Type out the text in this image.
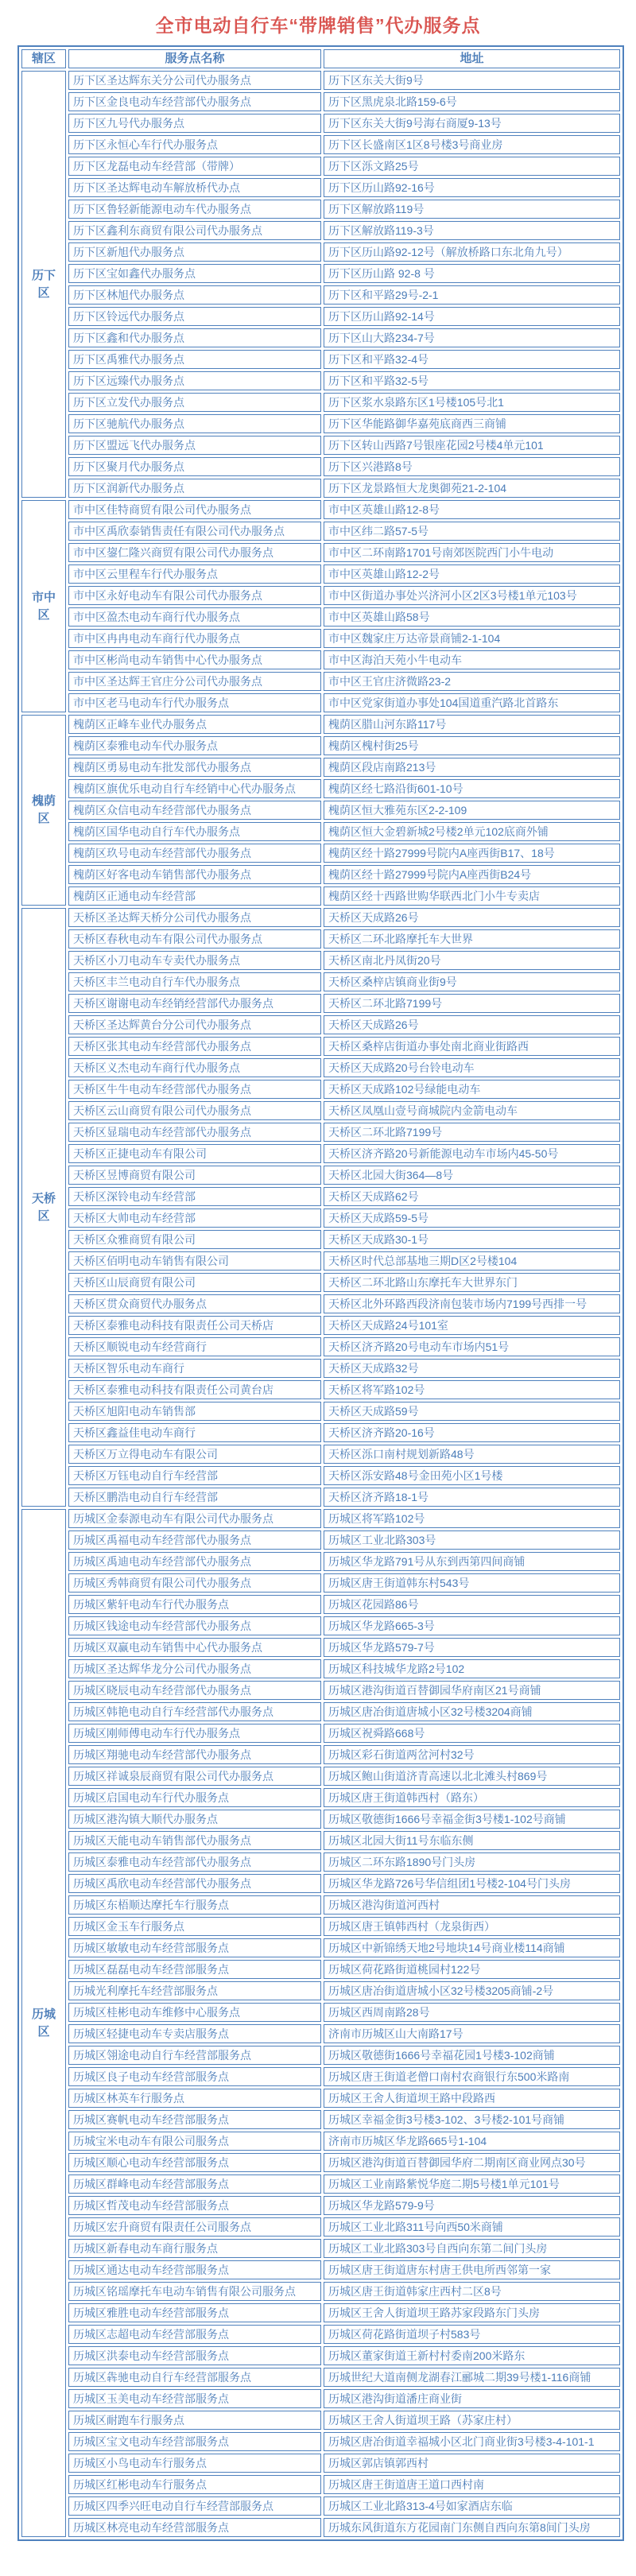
全市电动自行车“带牌销售”代办服务点
辖区	服务点名称	地址
历下区	历下区圣达辉东关分公司代办服务点	历下区东关大街9号
	历下区金良电动车经营部代办服务点	历下区黑虎泉北路159-6号
	历下区九号代办服务点	历下区东关大街9号海右商厦9-13号
	历下区永恒心车行代办服务点	历下区长盛南区1区8号楼3号商业房
	历下区龙磊电动车经营部（带牌）	历下区泺文路25号
	历下区圣达辉电动车解放桥代办点	历下区历山路92-16号
	历下区鲁轻新能源电动车代办服务点	历下区解放路119号
	历下区鑫利东商贸有限公司代办服务点	历下区解放路119-3号
	历下区新旭代办服务点	历下区历山路92-12号（解放桥路口东北角九号）
	历下区宝如鑫代办服务点	历下区历山路 92-8 号
	历下区林旭代办服务点	历下区和平路29号-2-1
	历下区铃远代办服务点	历下区历山路92-14号
	历下区鑫和代办服务点	历下区山大路234-7号
	历下区禹雅代办服务点	历下区和平路32-4号
	历下区远臻代办服务点	历下区和平路32-5号
	历下区立发代办服务点	历下区浆水泉路东区1号楼105号北1
	历下区驰航代办服务点	历下区华能路御华嘉苑底商西三商铺
	历下区盟远飞代办服务点	历下区转山西路7号银座花园2号楼4单元101
	历下区聚月代办服务点	历下区兴港路8号
	历下区润新代办服务点	历下区龙景路恒大龙奥御苑21-2-104
市中区	市中区佳特商贸有限公司代办服务点	市中区英雄山路12-8号
	市中区禹欣泰销售责任有限公司代办服务点	市中区纬二路57-5号
	市中区鋆仁隆兴商贸有限公司代办服务点	市中区二环南路1701号南郊医院西门小牛电动
	市中区云里程车行代办服务点	市中区英雄山路12-2号
	市中区永好电动车有限公司代办服务点	市中区街道办事处兴济河小区2区3号楼1单元103号
	市中区盈杰电动车商行代办服务点	市中区英雄山路58号
	市中区冉冉电动车商行代办服务点	市中区魏家庄万达帝景商铺2-1-104
	市中区彬尚电动车销售中心代办服务点	市中区海泊天苑小牛电动车
	市中区圣达辉王官庄分公司代办服务点	市中区王官庄济微路23-2
	市中区老马电动车行代办服务点	市中区党家街道办事处104国道重汽路北首路东
槐荫区	槐荫区正峰车业代办服务点	槐荫区腊山河东路117号
	槐荫区泰雅电动车代办服务点	槐荫区槐村街25号
	槐荫区勇易电动车批发部代办服务点	槐荫区段店南路213号
	槐荫区旗优乐电动自行车经销中心代办服务点	槐荫区经七路沿街601-10号
	槐荫区众信电动车经营部代办服务点	槐荫区恒大雅苑东区2-2-109
	槐荫区国华电动自行车代办服务点	槐荫区恒大金碧新城2号楼2单元102底商外铺
	槐荫区玖号电动车经营部代办服务点	槐荫区经十路27999号院内A座西街B17、18号
	槐荫区好客电动车销售部代办服务点	槐荫区经十路27999号院内A座西街B24号
	槐荫区正通电动车经营部	槐荫区经十西路世购华联西北门小牛专卖店
天桥区	天桥区圣达辉天桥分公司代办服务点	天桥区天成路26号
	天桥区春秋电动车有限公司代办服务点	天桥区二环北路摩托车大世界
	天桥区小刀电动车专卖代办服务点	天桥区南北丹凤街20号
	天桥区丰兰电动自行车代办服务点	天桥区桑梓店镇商业街9号
	天桥区谢谢电动车经销经营部代办服务点	天桥区二环北路7199号
	天桥区圣达辉黄台分公司代办服务点	天桥区天成路26号
	天桥区张其电动车经营部代办服务点	天桥区桑梓店街道办事处南北商业街路西
	天桥区义杰电动车商行代办服务点	天桥区天成路20号台铃电动车
	天桥区牛牛电动车经营部代办服务点	天桥区天成路102号绿能电动车
	天桥区云山商贸有限公司代办服务点	天桥区凤凰山壹号商城院内金箭电动车
	天桥区显瑞电动车经营部代办服务点	天桥区二环北路7199号
	天桥区正捷电动车有限公司	天桥区济齐路20号新能源电动车市场内45-50号
	天桥区昱博商贸有限公司	天桥区北园大街364—8号
	天桥区深铃电动车经营部	天桥区天成路62号
	天桥区大帅电动车经营部	天桥区天成路59-5号
	天桥区众雅商贸有限公司	天桥区天成路30-1号
	天桥区佰明电动车销售有限公司	天桥区时代总部基地三期D区2号楼104
	天桥区山辰商贸有限公司	天桥区二环北路山东摩托车大世界东门
	天桥区贯众商贸代办服务点	天桥区北外环路西段济南包装市场内7199号西排一号
	天桥区泰雅电动科技有限责任公司天桥店	天桥区天成路24号101室
	天桥区顺锐电动车经营商行	天桥区济齐路20号电动车市场内51号
	天桥区智乐电动车商行	天桥区天成路32号
	天桥区泰雅电动科技有限责任公司黄台店	天桥区将军路102号
	天桥区旭阳电动车销售部	天桥区天成路59号
	天桥区鑫益佳电动车商行	天桥区济齐路20-16号
	天桥区万立得电动车有限公司	天桥区泺口南村规划新路48号
	天桥区万钰电动自行车经营部	天桥区泺安路48号金田苑小区1号楼
	天桥区鹏浩电动自行车经营部	天桥区济齐路18-1号
历城区	历城区金泰源电动车有限公司代办服务点	历城区将军路102号
	历城区禹福电动车经营部代办服务点	历城区工业北路303号
	历城区禹迪电动车经营部代办服务点	历城区华龙路791号从东到西第四间商铺
	历城区秀韩商贸有限公司代办服务点	历城区唐王街道韩东村543号
	历城区紫轩电动车行代办服务点	历城区花园路86号
	历城区钱途电动车经营部代办服务点	历城区华龙路665-3号
	历城区双赢电动车销售中心代办服务点	历城区华龙路579-7号
	历城区圣达辉华龙分公司代办服务点	历城区科技城华龙路2号102
	历城区晓辰电动车经营部代办服务点	历城区港沟街道百替御园华府南区21号商铺
	历城区韩艳电动自行车经营部代办服务点	历城区唐冶街道唐城小区32号楼3204商铺
	历城区刚师傅电动车行代办服务点	历城区祝舜路668号
	历城区翔驰电动车经营部代办服务点	历城区彩石街道两岔河村32号
	历城区祥诚泉辰商贸有限公司代办服务点	历城区鲍山街道济青高速以北北滩头村869号
	历城区启国电动车行代办服务点	历城区唐王街道韩西村（路东）
	历城区港沟镇大顺代办服务点	历城区敬德街1666号幸福金街3号楼1-102号商铺
	历城区天能电动车销售部代办服务点	历城区北园大街11号东临东侧
	历城区泰雅电动车经营部代办服务点	历城区二环东路1890号门头房
	历城区禹欣电动车经营部代办服务点	历城区华龙路726号华信组团1号楼2-104号门头房
	历城区东梧顺达摩托车行服务点	历城区港沟街道河西村
	历城区金玉车行服务点	历城区唐王镇韩西村（龙泉街西）
	历城区敏敏电动车经营部服务点	历城区中新锦绣天地2号地块14号商业楼114商铺
	历城区磊磊电动车经营部服务点	历城区荷花路街道桃园村122号
	历城光利摩托车经营部服务点	历城区唐冶街道唐城小区32号楼3205商铺-2号
	历城区桂彬电动车维修中心服务点	历城区西周南路28号
	历城区轻捷电动车专卖店服务点	济南市历城区山大南路17号
	历城区翎途电动自行车经营部服务点	历城区敬德街1666号幸福花园1号楼3-102商铺
	历城区良子电动车经营部服务点	历城区唐王街道老僧口南村农商银行东500米路南
	历城区林英车行服务点	历城区王舍人街道坝王路中段路西
	历城区赛帆电动车经营部服务点	历城区幸福金街3号楼3-102、3号楼2-101号商铺
	历城宝米电动车有限公司服务点	济南市历城区华龙路665号1-104
	历城区顺心电动车经营部服务点	历城区港沟街道百替御园华府二期南区商业网点30号
	历城区群峰电动车经营部服务点	历城区工业南路紫悦华庭二期5号楼1单元101号
	历城区哲茂电动车经营部服务点	历城区华龙路579-9号
	历城区宏升商贸有限责任公司服务点	历城区工业北路311号向西50米商铺
	历城区新春电动车商行服务点	历城区工业北路303号自西向东第二间门头房
	历城区通达电动车经营部服务点	历城区唐王街道唐东村唐王供电所西邻第一家
	历城区铭瑶摩托车电动车销售有限公司服务点	历城区唐王街道韩家庄西村二区8号
	历城区雅胜电动车经营部服务点	历城区王舍人街道坝王路苏家段路东门头房
	历城区志超电动车经营部服务点	历城区荷花路街道坝子村583号
	历城区洪泰电动车经营部服务点	历城区董家街道王新村村委南200米路东
	历城区犇驰电动自行车经营部服务点	历城世纪大道南侧龙湖春江郦城二期39号楼1-116商铺
	历城区玉美电动车经营部服务点	历城区港沟街道潘庄商业街
	历城区耐跑车行服务点	历城区王舍人街道坝王路（苏家庄村）
	历城区宝文电动车经营部服务点	历城区唐冶街道幸福城小区北门商业街3号楼3-4-101-1
	历城区小鸟电动车行服务点	历城区郭店镇郭西村
	历城区红彬电动车行服务点	历城区唐王街道唐王道口西村南
	历城区四季兴旺电动自行车经营部服务点	历城区工业北路313-4号如家酒店东临
	历城区林亮电动车经营部服务点	历城东风街道东方花园南门东侧自西向东第8间门头房
